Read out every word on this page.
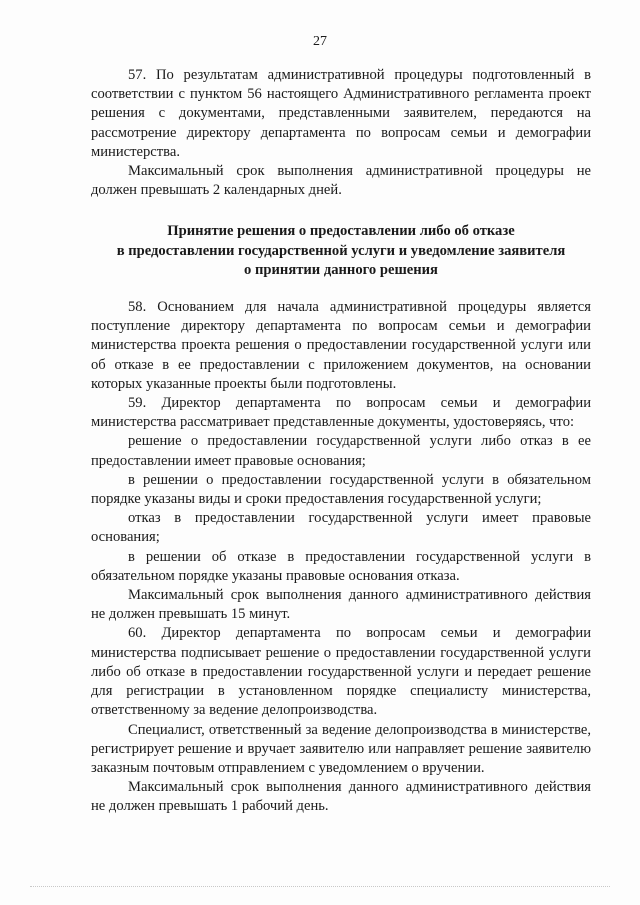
27

57. По результатам административной процедуры подготовленный в соответствии с пунктом 56 настоящего Административного регламента проект решения с документами, представленными заявителем, передаются на рассмотрение директору департамента по вопросам семьи и демографии министерства.

Максимальный срок выполнения административной процедуры не должен превышать 2 календарных дней.

Принятие решения о предоставлении либо об отказе
в предоставлении государственной услуги и уведомление заявителя
о принятии данного решения

58. Основанием для начала административной процедуры является поступление директору департамента по вопросам семьи и демографии министерства проекта решения о предоставлении государственной услуги или об отказе в ее предоставлении с приложением документов, на основании которых указанные проекты были подготовлены.

59. Директор департамента по вопросам семьи и демографии министерства рассматривает представленные документы, удостоверяясь, что:

решение о предоставлении государственной услуги либо отказ в ее предоставлении имеет правовые основания;

в решении о предоставлении государственной услуги в обязательном порядке указаны виды и сроки предоставления государственной услуги;

отказ в предоставлении государственной услуги имеет правовые основания;

в решении об отказе в предоставлении государственной услуги в обязательном порядке указаны правовые основания отказа.

Максимальный срок выполнения данного административного действия не должен превышать 15 минут.

60. Директор департамента по вопросам семьи и демографии министерства подписывает решение о предоставлении государственной услуги либо об отказе в предоставлении государственной услуги и передает решение для регистрации в установленном порядке специалисту министерства, ответственному за ведение делопроизводства.

Специалист, ответственный за ведение делопроизводства в министерстве, регистрирует решение и вручает заявителю или направляет решение заявителю заказным почтовым отправлением с уведомлением о вручении.

Максимальный срок выполнения данного административного действия не должен превышать 1 рабочий день.
